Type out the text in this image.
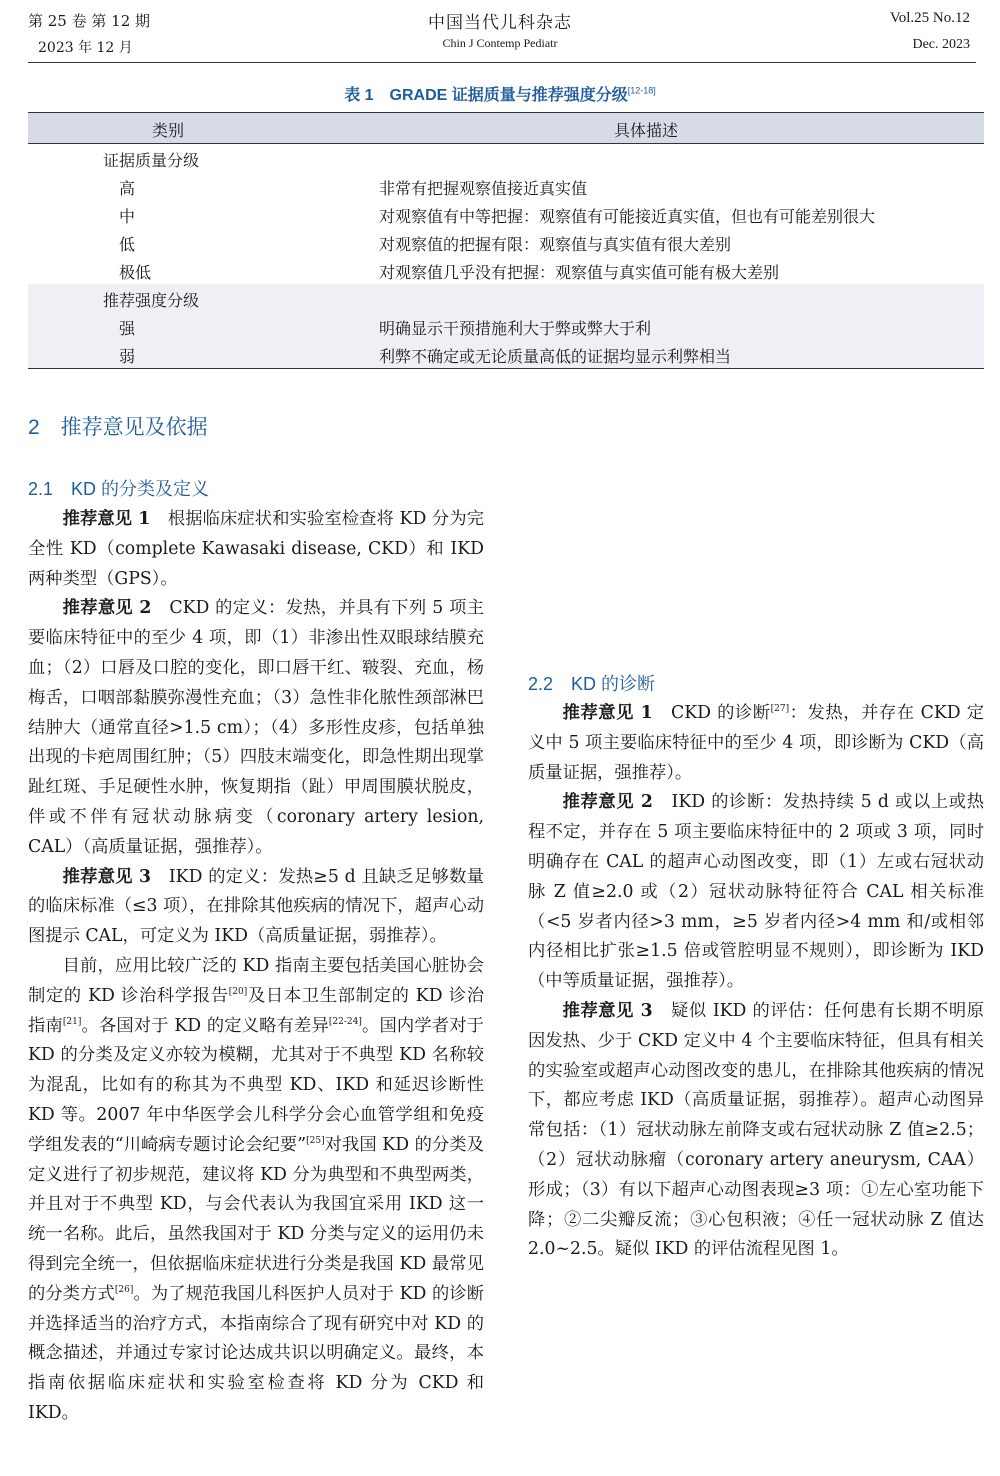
第 25 卷 第 12 期
2023 年 12 月
中国当代儿科杂志
Chin J Contemp Pediatr
Vol.25 No.12
Dec. 2023
表 1　GRADE 证据质量与推荐强度分级[12-18]
类别	具体描述
证据质量分级
高	非常有把握观察值接近真实值
中	对观察值有中等把握：观察值有可能接近真实值，但也有可能差别很大
低	对观察值的把握有限：观察值与真实值有很大差别
极低	对观察值几乎没有把握：观察值与真实值可能有极大差别
推荐强度分级
强	明确显示干预措施利大于弊或弊大于利
弱	利弊不确定或无论质量高低的证据均显示利弊相当
2　推荐意见及依据
2.1　KD 的分类及定义

推荐意见 1　根据临床症状和实验室检查将 KD 分为完全性 KD（complete Kawasaki disease, CKD）和 IKD 两种类型（GPS）。

推荐意见 2　CKD 的定义：发热，并具有下列 5 项主要临床特征中的至少 4 项，即（1）非渗出性双眼球结膜充血；（2）口唇及口腔的变化，即口唇干红、皲裂、充血，杨梅舌，口咽部黏膜弥漫性充血；（3）急性非化脓性颈部淋巴结肿大（通常直径>1.5 cm）；（4）多形性皮疹，包括单独出现的卡疤周围红肿；（5）四肢末端变化，即急性期出现掌趾红斑、手足硬性水肿，恢复期指（趾）甲周围膜状脱皮，伴或不伴有冠状动脉病变（coronary artery lesion, CAL）（高质量证据，强推荐）。

推荐意见 3　IKD 的定义：发热≥5 d 且缺乏足够数量的临床标准（≤3 项），在排除其他疾病的情况下，超声心动图提示 CAL，可定义为 IKD（高质量证据，弱推荐）。

目前，应用比较广泛的 KD 指南主要包括美国心脏协会制定的 KD 诊治科学报告[20]及日本卫生部制定的 KD 诊治指南[21]。各国对于 KD 的定义略有差异[22-24]。国内学者对于 KD 的分类及定义亦较为模糊，尤其对于不典型 KD 名称较为混乱，比如有的称其为不典型 KD、IKD 和延迟诊断性 KD 等。2007 年中华医学会儿科学分会心血管学组和免疫学组发表的“川崎病专题讨论会纪要”[25]对我国 KD 的分类及定义进行了初步规范，建议将 KD 分为典型和不典型两类，并且对于不典型 KD，与会代表认为我国宜采用 IKD 这一统一名称。此后，虽然我国对于 KD 分类与定义的运用仍未得到完全统一，但依据临床症状进行分类是我国 KD 最常见的分类方式[26]。为了规范我国儿科医护人员对于 KD 的诊断并选择适当的治疗方式，本指南综合了现有研究中对 KD 的概念描述，并通过专家讨论达成共识以明确定义。最终，本指南依据临床症状和实验室检查将 KD 分为 CKD 和 IKD。

2.2　KD 的诊断

推荐意见 1　CKD 的诊断[27]：发热，并存在 CKD 定义中 5 项主要临床特征中的至少 4 项，即诊断为 CKD（高质量证据，强推荐）。

推荐意见 2　IKD 的诊断：发热持续 5 d 或以上或热程不定，并存在 5 项主要临床特征中的 2 项或 3 项，同时明确存在 CAL 的超声心动图改变，即（1）左或右冠状动脉 Z 值≥2.0 或（2）冠状动脉特征符合 CAL 相关标准（<5 岁者内径>3 mm，≥5 岁者内径>4 mm 和/或相邻内径相比扩张≥1.5 倍或管腔明显不规则），即诊断为 IKD（中等质量证据，强推荐）。

推荐意见 3　疑似 IKD 的评估：任何患有长期不明原因发热、少于 CKD 定义中 4 个主要临床特征，但具有相关的实验室或超声心动图改变的患儿，在排除其他疾病的情况下，都应考虑 IKD（高质量证据，弱推荐）。超声心动图异常包括：（1）冠状动脉左前降支或右冠状动脉 Z 值≥2.5；（2）冠状动脉瘤（coronary artery aneurysm, CAA）形成；（3）有以下超声心动图表现≥3 项：①左心室功能下降；②二尖瓣反流；③心包积液；④任一冠状动脉 Z 值达 2.0~2.5。疑似 IKD 的评估流程见图 1。
